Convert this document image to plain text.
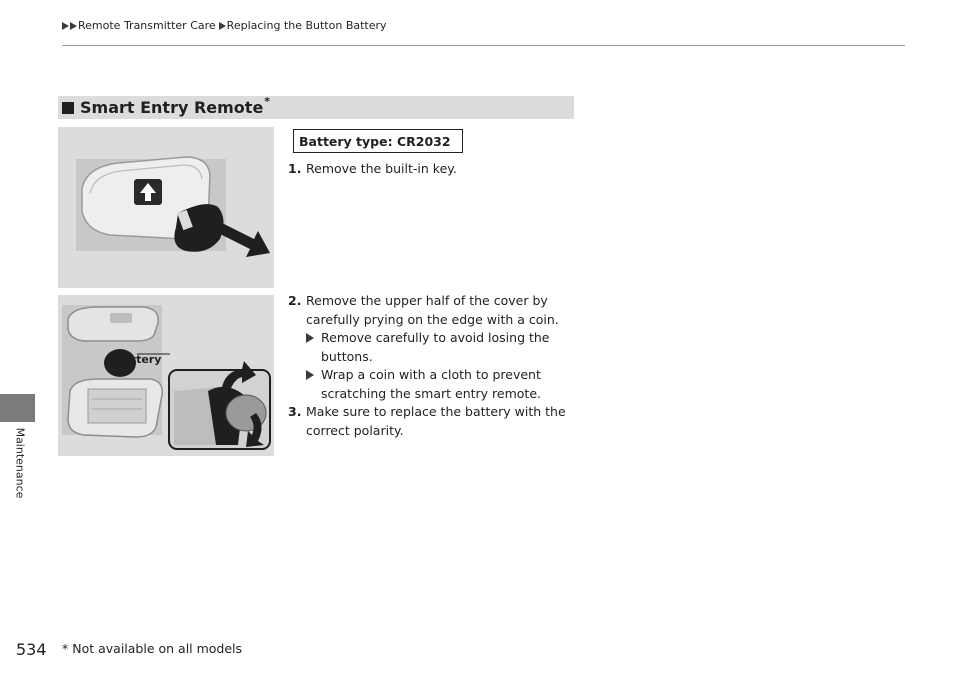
Remote Transmitter Care Replacing the Button Battery
Maintenance
Smart Entry Remote *
Battery
Battery type: CR2032
1. Remove the built-in key.
2. Remove the upper half of the cover by
carefully prying on the edge with a coin.
Remove carefully to avoid losing the
buttons.
Wrap a coin with a cloth to prevent
scratching the smart entry remote.
3. Make sure to replace the battery with the
correct polarity.
534 * Not available on all models
